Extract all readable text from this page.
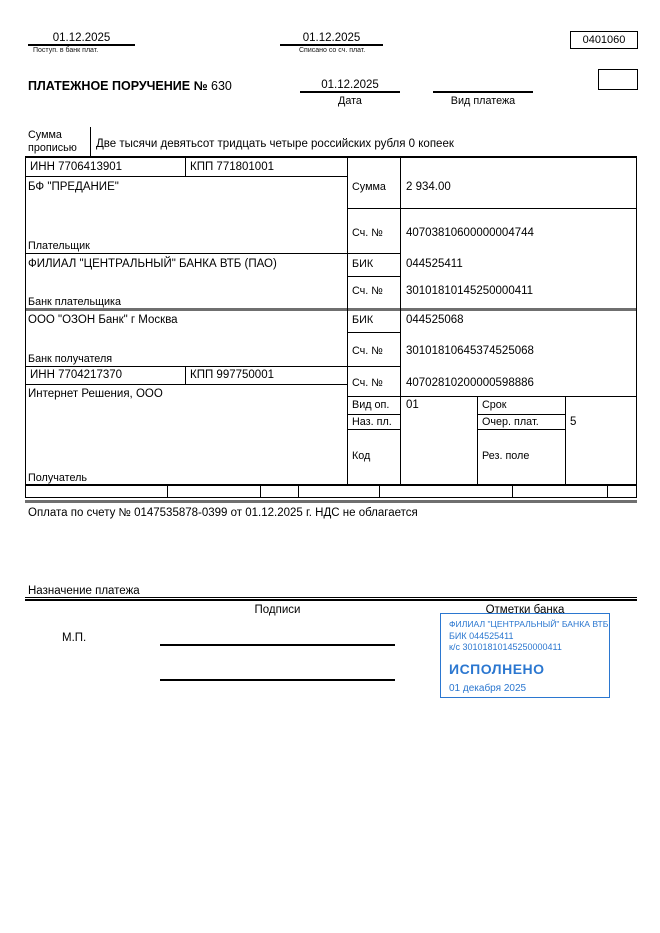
01.12.2025
Поступ. в банк плат.
01.12.2025
Списано со сч. плат.
0401060
ПЛАТЕЖНОЕ ПОРУЧЕНИЕ № 630	01.12.2025
Дата	Вид платежа
Сумма
прописью	Две тысячи девятьсот тридцать четыре российских рубля 0 копеек
ИНН 7706413901	КПП 771801001
БФ "ПРЕДАНИЕ"
Плательщик
Сумма 2 934.00
Сч. № 40703810600000004744
ФИЛИАЛ "ЦЕНТРАЛЬНЫЙ" БАНКА ВТБ (ПАО)
Банк плательщика
БИК	044525411
Сч. № 30101810145250000411
ООО "ОЗОН Банк" г Москва
Банк получателя
БИК	044525068
Сч. № 30101810645374525068
ИНН 7704217370	КПП 997750001
Интернет Решения, ООО
Получатель
Сч. № 40702810200000598886
Вид оп. 01	Срок
Наз. пл.	Очер. плат.	5
Код	Рез. поле
Оплата по счету № 0147535878-0399 от 01.12.2025 г. НДС не облагается
Назначение платежа
Подписи	Отметки банка
М.П.
ФИЛИАЛ "ЦЕНТРАЛЬНЫЙ" БАНКА ВТБ
БИК 044525411
к/с 30101810145250000411
ИСПОЛНЕНО
01 декабря 2025
